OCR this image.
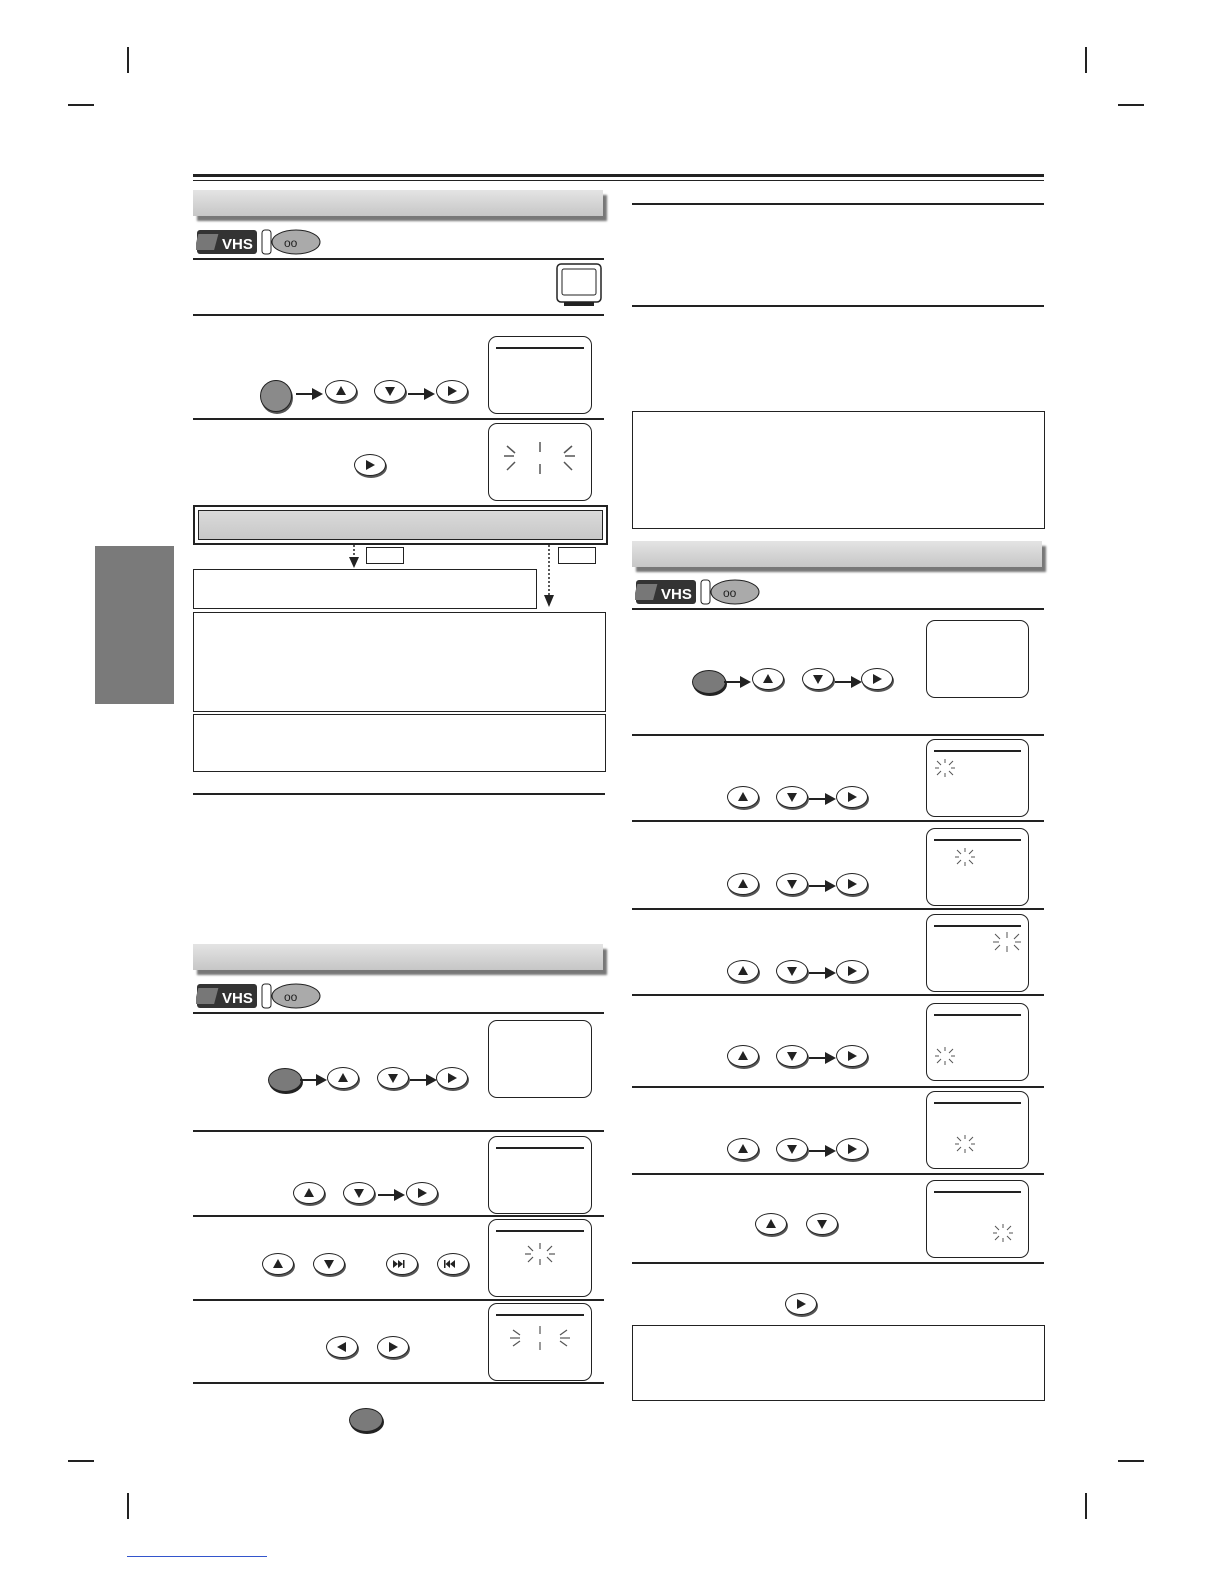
VHS	oo
VHS	oo
VHS	oo
